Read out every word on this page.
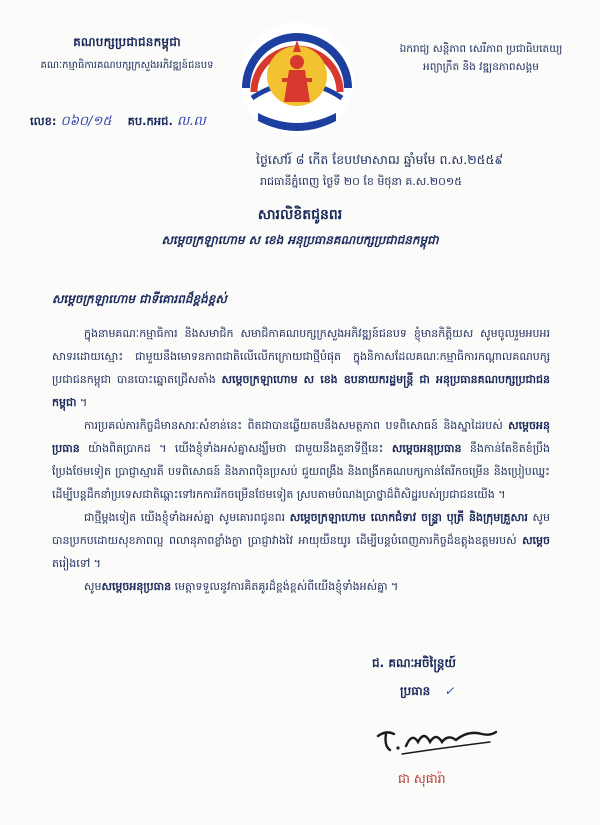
គណបក្សប្រជាជនកម្ពុជា
គណៈកម្មាធិការគណបក្សក្រសួងអភិវឌ្ឍន៍ជនបទ
ឯករាជ្យ សន្តិភាព សេរីភាព ប្រជាធិបតេយ្យ
អព្យាក្រឹត និង វឌ្ឍនភាពសង្គម
លេខ: ០៦០/១៥ គប.កអជ. ល.ល
ថ្ងៃសៅរ៍ ៨ កើត ខែបឋមាសាឍ ឆ្នាំមមែ ព.ស.២៥៥៩
រាជធានីភ្នំពេញ ថ្ងៃទី ២០ ខែ មិថុនា គ.ស.២០១៥
សារលិខិតជូនពរ
សម្តេចក្រឡាហោម ស ខេង អនុប្រធានគណបក្សប្រជាជនកម្ពុជា
សម្តេចក្រឡាហោម ជាទីគោរពដ៏ខ្ពង់ខ្ពស់

ក្នុងនាមគណៈកម្មាធិការ និងសមាជិក សមាជិកាគណបក្សក្រសួងអភិវឌ្ឍន៍ជនបទ ខ្ញុំមានកិត្តិយស សូមចូលរួមអបអរសាទរដោយស្មោះ ជាមួយនឹងមោទនភាពជាតិលើលើកក្រោយជាថ្មីបំផុត ក្នុងនិកាសដែលគណៈកម្មាធិការកណ្តាលគណបក្សប្រជាជនកម្ពុជា បានបោះឆ្នោតជ្រើសតាំង សម្តេចក្រឡាហោម ស ខេង ឧបនាយករដ្ឋមន្ត្រី ជា អនុប្រធានគណបក្សប្រជាជនកម្ពុជា ។

ការប្រគល់ភារកិច្ចដ៏មានសារៈសំខាន់នេះ ពិតជាបានឆ្លើយតបនឹងសមត្ថភាព បទពិសោធន៍ និងស្នាដៃរបស់ សម្តេចអនុប្រធាន យ៉ាងពិតប្រាកដ ។ យើងខ្ញុំទាំងអស់គ្នាសង្ឃឹមថា ជាមួយនឹងតួនាទីថ្មីនេះ សម្តេចអនុប្រធាន នឹងកាន់តែខិតខំប្រឹងប្រែងថែមទៀត ប្រាជ្ញាស្មារតី បទពិសោធន៍ និងភាពប៉ិនប្រសប់ ជួយពង្រឹង និងពង្រីកគណបក្សកាន់តែរីកចម្រើន និងប្រៀបឈ្នះ ដើម្បីបន្តដឹកនាំប្រទេសជាតិឆ្ពោះទៅរកការរីកចម្រើនថែមទៀត ស្របតាមបំណងប្រាថ្នាដ៏ពិសិដ្ឋរបស់ប្រជាជនយើង ។

ជាថ្មីម្តងទៀត យើងខ្ញុំទាំងអស់គ្នា សូមគោរពជូនពរ សម្តេចក្រឡាហោម លោកជំទាវ ចន្ទ្រា បុត្រី និងក្រុមគ្រួសារ សូមបានប្រកបដោយសុខភាពល្អ ពលានុភាពខ្លាំងក្លា ប្រាជ្ញាវាងវៃ អាយុយឺនយូរ ដើម្បីបន្តបំពេញភារកិច្ចដ៏ឧត្តុងឧត្តមរបស់ សម្តេច តរៀងទៅ ។

សូមសម្តេចអនុប្រធាន មេត្តាទទួលនូវការគិតគូរដ៏ខ្ពង់ខ្ពស់ពីយើងខ្ញុំទាំងអស់គ្នា ។

ជ. គណៈអចិន្ត្រៃយ៍
ប្រធាន ✓
ជា សុផារ៉ា
